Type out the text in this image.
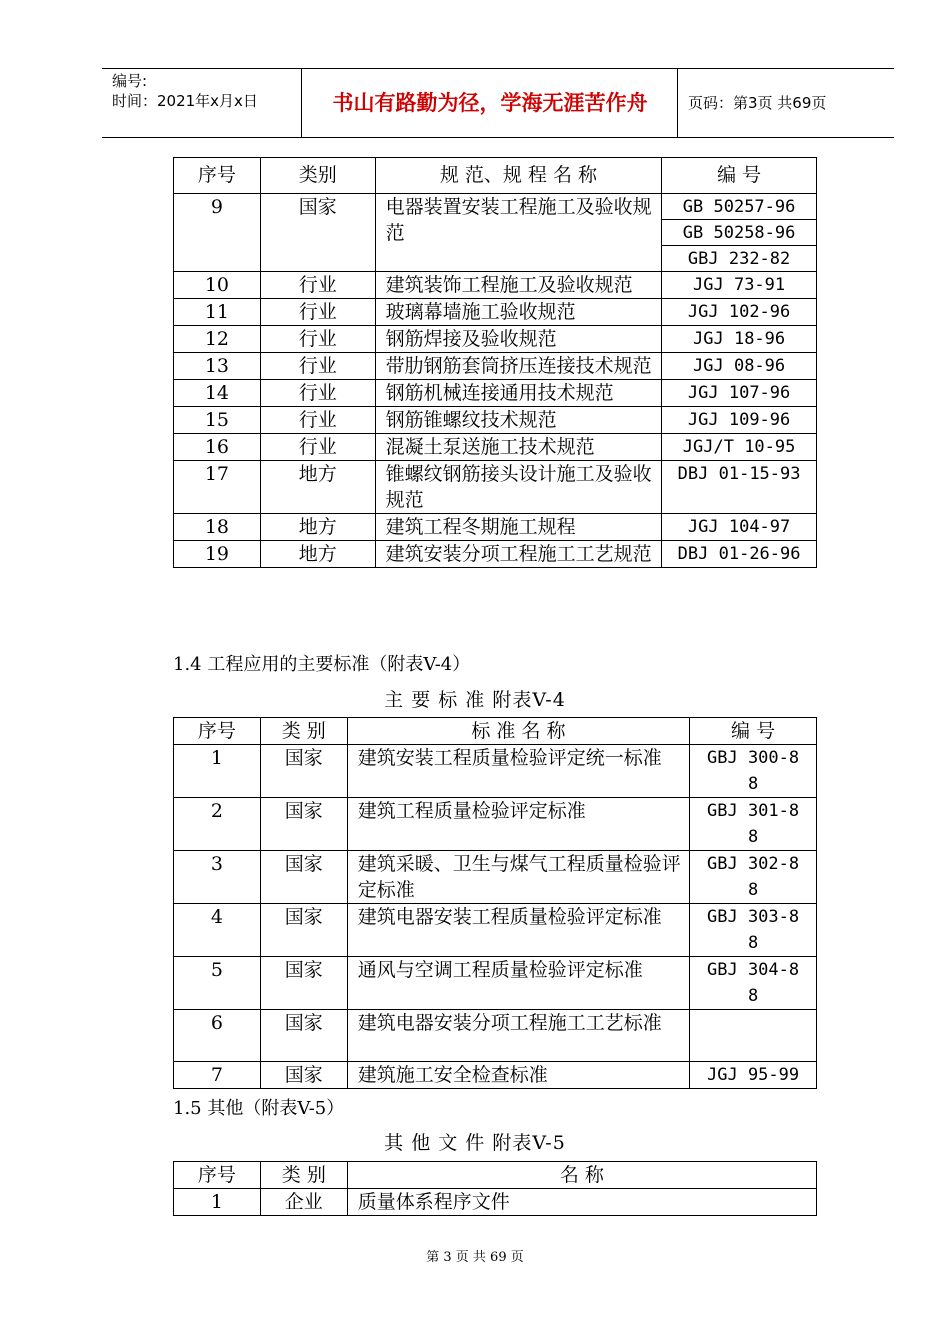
编号:
时间：2021年x月x日	书山有路勤为径，学海无涯苦作舟	页码：第3页 共69页
序号	类别	规 范、规 程 名 称	编 号
9	国家	电器装置安装工程施工及验收规范	GB 50257-96
GB 50258-96
GBJ 232-82

10	行业	建筑装饰工程施工及验收规范	JGJ 73-91
11	行业	玻璃幕墙施工验收规范	JGJ 102-96
12	行业	钢筋焊接及验收规范	JGJ 18-96
13	行业	带肋钢筋套筒挤压连接技术规范	JGJ 08-96
14	行业	钢筋机械连接通用技术规范	JGJ 107-96
15	行业	钢筋锥螺纹技术规范	JGJ 109-96
16	行业	混凝土泵送施工技术规范	JGJ/T 10-95
17	地方	锥螺纹钢筋接头设计施工及验收规范	DBJ 01-15-93
18	地方	建筑工程冬期施工规程	JGJ 104-97
19	地方	建筑安装分项工程施工工艺规范	DBJ 01-26-96
1.4 工程应用的主要标准（附表V-4）
主 要 标 准 附表V-4
序号	类 别	标 准 名 称	编 号
1	国家	建筑安装工程质量检验评定统一标准	GBJ 300-88
2	国家	建筑工程质量检验评定标准	GBJ 301-88
3	国家	建筑采暖、卫生与煤气工程质量检验评定标准	GBJ 302-88
4	国家	建筑电器安装工程质量检验评定标准	GBJ 303-88
5	国家	通风与空调工程质量检验评定标准	GBJ 304-88
6	国家	建筑电器安装分项工程施工工艺标准	
7	国家	建筑施工安全检查标准	JGJ 95-99
1.5 其他（附表V-5）
其 他 文 件 附表V-5
序号	类 别	名 称
1	企业	质量体系程序文件
第 3 页 共 69 页
